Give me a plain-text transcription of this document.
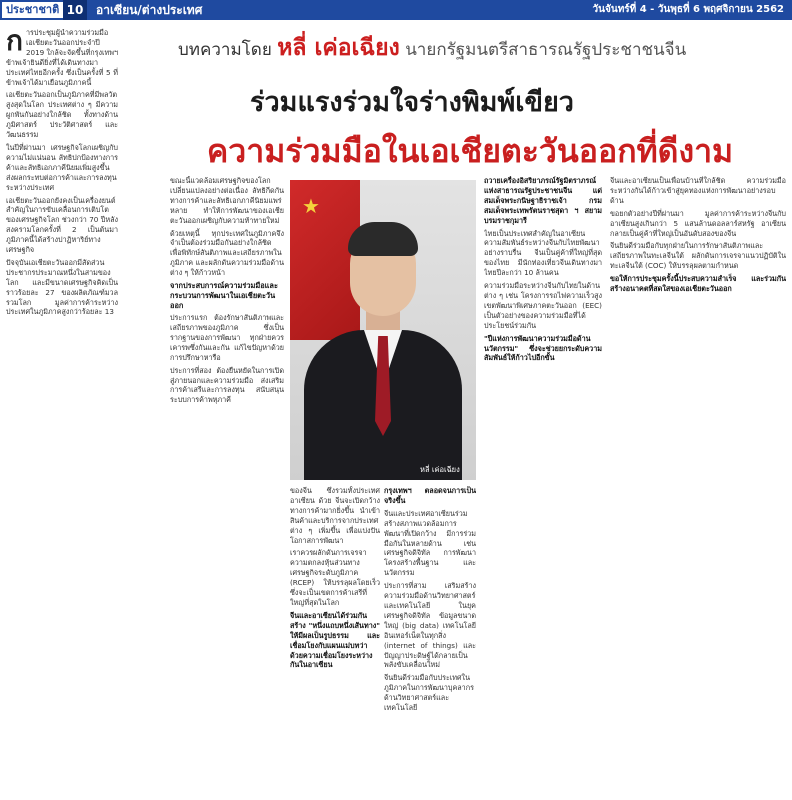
ประชาชาติ 10	อาเซียน/ต่างประเทศ	วันจันทร์ที่ 4 - วันพุธที่ 6 พฤศจิกายน 2562

การประชุมผู้นำความร่วมมือเอเชียตะวันออกประจำปี 2019 ใกล้จะจัดขึ้นที่กรุงเทพฯ ข้าพเจ้ายินดียิ่งที่ได้เดินทางมาประเทศไทยอีกครั้ง ซึ่งเป็นครั้งที่ 5 ที่ข้าพเจ้าได้มาเยือนภูมิภาคนี้

เอเชียตะวันออกเป็นภูมิภาคที่มีพลวัตสูงสุดในโลก ประเทศต่าง ๆ มีความผูกพันกันอย่างใกล้ชิด ทั้งทางด้านภูมิศาสตร์ ประวัติศาสตร์ และวัฒนธรรม

ในปีที่ผ่านมา เศรษฐกิจโลกเผชิญกับความไม่แน่นอน ลัทธิปกป้องทางการค้าและลัทธิเอกภาคีนิยมเพิ่มสูงขึ้น ส่งผลกระทบต่อการค้าและการลงทุนระหว่างประเทศ

เอเชียตะวันออกยังคงเป็นเครื่องยนต์สำคัญในการขับเคลื่อนการเติบโตของเศรษฐกิจโลก ช่วงกว่า 70 ปีหลังสงครามโลกครั้งที่ 2 เป็นต้นมา ภูมิภาคนี้ได้สร้างปาฏิหาริย์ทางเศรษฐกิจ

ปัจจุบันเอเชียตะวันออกมีสัดส่วนประชากรประมาณหนึ่งในสามของโลก และมีขนาดเศรษฐกิจคิดเป็นราวร้อยละ 27 ของผลิตภัณฑ์มวลรวมโลก มูลค่าการค้าระหว่างประเทศในภูมิภาคสูงกว่าร้อยละ 13

บทความโดย หลี่ เค่อเฉียง นายกรัฐมนตรีสาธารณรัฐประชาชนจีน
ร่วมแรงร่วมใจร่างพิมพ์เขียว
ความร่วมมือในเอเชียตะวันออกที่ดีงาม
★
หลี่ เค่อเฉียง

ขณะนี้แวดล้อมเศรษฐกิจของโลกเปลี่ยนแปลงอย่างต่อเนื่อง ลัทธิกีดกันทางการค้าและลัทธิเอกภาคีนิยมแพร่หลาย ทำให้การพัฒนาของเอเชียตะวันออกเผชิญกับความท้าทายใหม่

ด้วยเหตุนี้ ทุกประเทศในภูมิภาคจึงจำเป็นต้องร่วมมือกันอย่างใกล้ชิด เพื่อพิทักษ์สันติภาพและเสถียรภาพในภูมิภาค และผลักดันความร่วมมือด้านต่าง ๆ ให้ก้าวหน้า

จากประสบการณ์ความร่วมมือและกระบวนการพัฒนาในเอเชียตะวันออก

ประการแรก ต้องรักษาสันติภาพและเสถียรภาพของภูมิภาค ซึ่งเป็นรากฐานของการพัฒนา ทุกฝ่ายควรเคารพซึ่งกันและกัน แก้ไขปัญหาด้วยการปรึกษาหารือ

ประการที่สอง ต้องยืนหยัดในการเปิดสู่ภายนอกและความร่วมมือ ส่งเสริมการค้าเสรีและการลงทุน สนับสนุนระบบการค้าพหุภาคี

ของจีน ซึ่งรวมทั้งประเทศอาเซียน ด้วย จีนจะเปิดกว้างทางการค้ามากยิ่งขึ้น นำเข้าสินค้าและบริการจากประเทศต่าง ๆ เพิ่มขึ้น เพื่อแบ่งปันโอกาสการพัฒนา

เราควรผลักดันการเจรจาความตกลงหุ้นส่วนทางเศรษฐกิจระดับภูมิภาค (RCEP) ให้บรรลุผลโดยเร็ว ซึ่งจะเป็นเขตการค้าเสรีที่ใหญ่ที่สุดในโลก

จีนและอาเซียนได้ร่วมกันสร้าง "หนึ่งแถบหนึ่งเส้นทาง" ให้มีผลเป็นรูปธรรม และเชื่อมโยงกับแผนแม่บทว่าด้วยความเชื่อมโยงระหว่างกันในอาเซียน

กรุงเทพฯ ตลอดจนการเป็นจริงขึ้น

จีนและประเทศอาเซียนร่วมสร้างสภาพแวดล้อมการพัฒนาที่เปิดกว้าง มีการร่วมมือกันในหลายด้าน เช่น เศรษฐกิจดิจิทัล การพัฒนาโครงสร้างพื้นฐาน และนวัตกรรม

ประการที่สาม เสริมสร้างความร่วมมือด้านวิทยาศาสตร์และเทคโนโลยี ในยุคเศรษฐกิจดิจิทัล ข้อมูลขนาดใหญ่ (big data) เทคโนโลยีอินเทอร์เน็ตในทุกสิ่ง (internet of things) และปัญญาประดิษฐ์ได้กลายเป็นพลังขับเคลื่อนใหม่

จีนยินดีร่วมมือกับประเทศในภูมิภาคในการพัฒนาบุคลากรด้านวิทยาศาสตร์และเทคโนโลยี

ถวายเครื่องอิสริยาภรณ์รัฐมิตราภรณ์แห่งสาธารณรัฐประชาชนจีน แด่สมเด็จพระกนิษฐาธิราชเจ้า กรมสมเด็จพระเทพรัตนราชสุดา ฯ สยามบรมราชกุมารี

ไทยเป็นประเทศสำคัญในอาเซียน ความสัมพันธ์ระหว่างจีนกับไทยพัฒนาอย่างราบรื่น จีนเป็นคู่ค้าที่ใหญ่ที่สุดของไทย มีนักท่องเที่ยวจีนเดินทางมาไทยปีละกว่า 10 ล้านคน

ความร่วมมือระหว่างจีนกับไทยในด้านต่าง ๆ เช่น โครงการรถไฟความเร็วสูง เขตพัฒนาพิเศษภาคตะวันออก (EEC) เป็นตัวอย่างของความร่วมมือที่ได้ประโยชน์ร่วมกัน

"ปีแห่งการพัฒนาความร่วมมือด้านนวัตกรรม" ซึ่งจะช่วยยกระดับความสัมพันธ์ให้ก้าวไปอีกขั้น

จีนและอาเซียนเป็นเพื่อนบ้านที่ใกล้ชิด ความร่วมมือระหว่างกันได้ก้าวเข้าสู่ยุคทองแห่งการพัฒนาอย่างรอบด้าน

ขอยกตัวอย่างปีที่ผ่านมา มูลค่าการค้าระหว่างจีนกับอาเซียนสูงเกินกว่า 5 แสนล้านดอลลาร์สหรัฐ อาเซียนกลายเป็นคู่ค้าที่ใหญ่เป็นอันดับสองของจีน

จีนยินดีร่วมมือกับทุกฝ่ายในการรักษาสันติภาพและเสถียรภาพในทะเลจีนใต้ ผลักดันการเจรจาแนวปฏิบัติในทะเลจีนใต้ (COC) ให้บรรลุผลตามกำหนด

ขอให้การประชุมครั้งนี้ประสบความสำเร็จ และร่วมกันสร้างอนาคตที่สดใสของเอเชียตะวันออก
